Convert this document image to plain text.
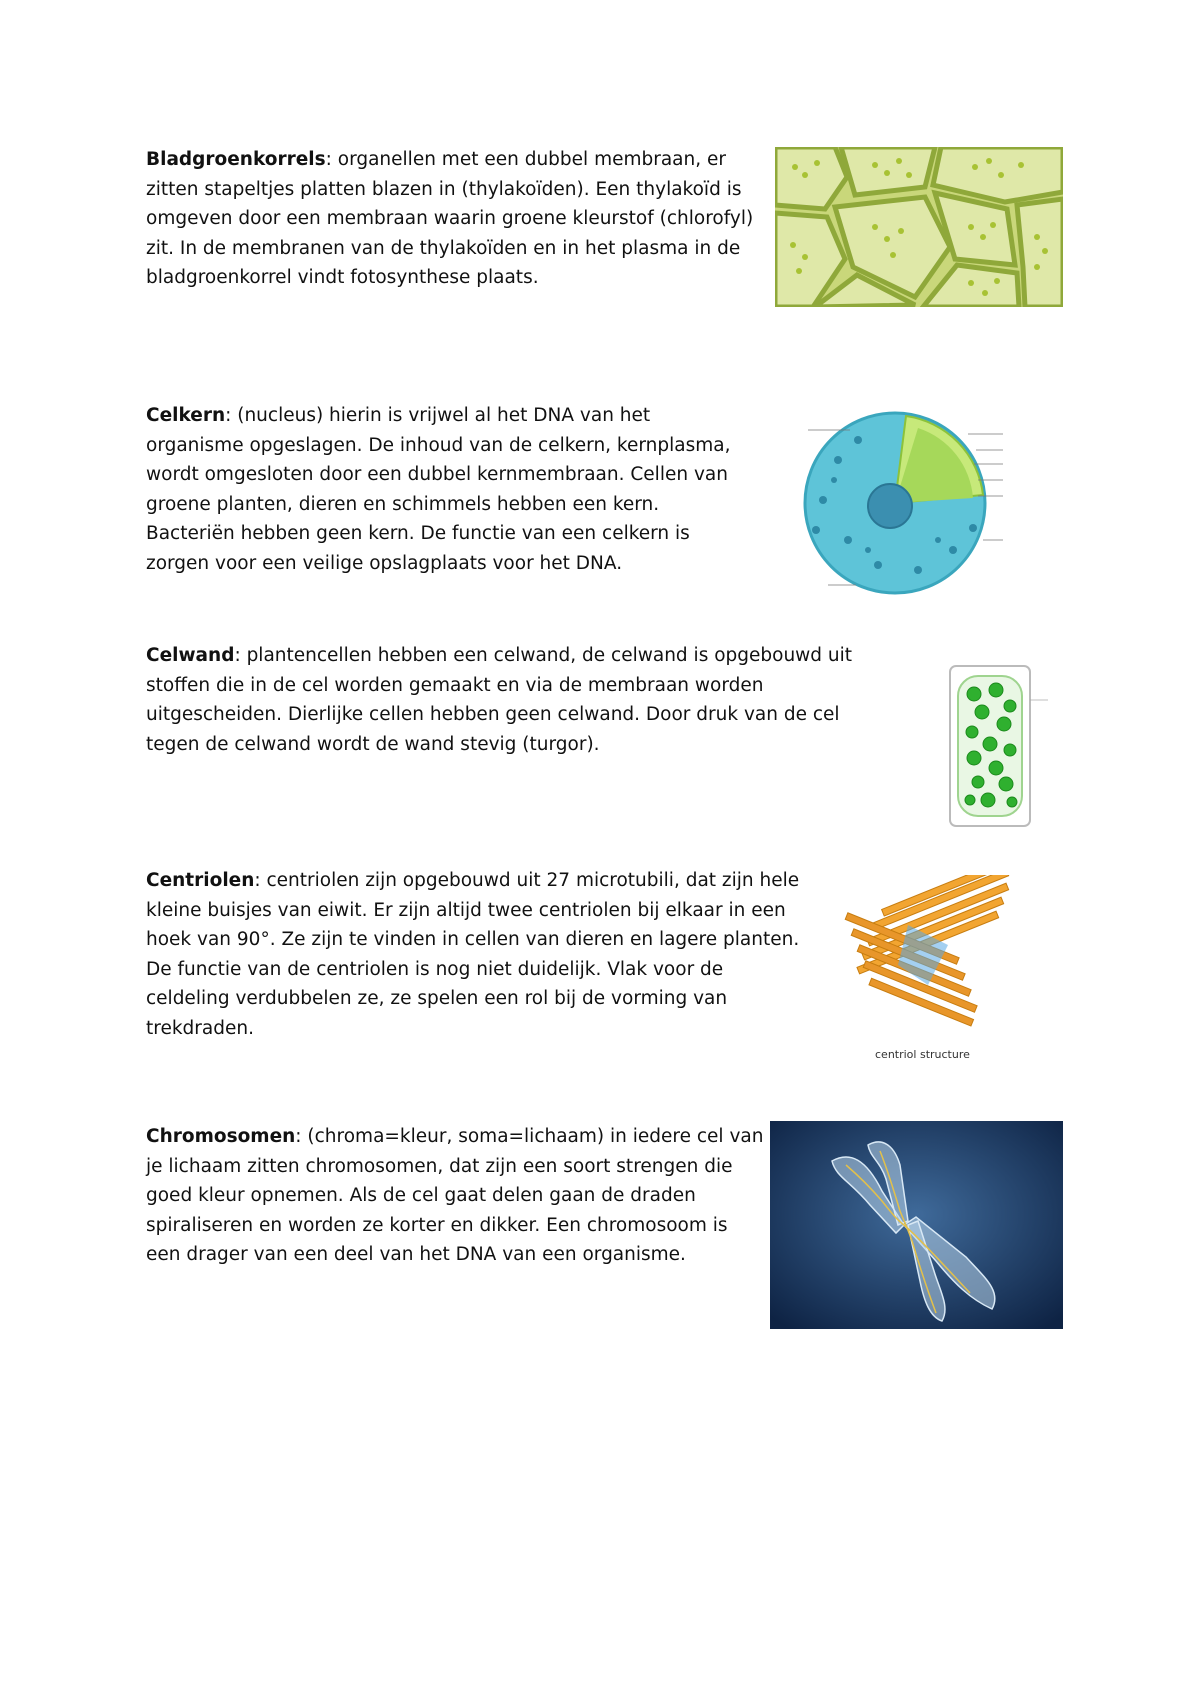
Bladgroenkorrels: organellen met een dubbel membraan, er zitten stapeltjes platten blazen in (thylakoïden). Een thylakoïd is omgeven door een membraan waarin groene kleurstof (chlorofyl) zit. In de membranen van de thylakoïden en in het plasma in de bladgroenkorrel vindt fotosynthese plaats.

Celkern: (nucleus) hierin is vrijwel al het DNA van het organisme opgeslagen. De inhoud van de celkern, kernplasma, wordt omgesloten door een dubbel kernmembraan. Cellen van groene planten, dieren en schimmels hebben een kern. Bacteriën hebben geen kern. De functie van een celkern is zorgen voor een veilige opslagplaats voor het DNA.

Celwand: plantencellen hebben een celwand, de celwand is opgebouwd uit stoffen die in de cel worden gemaakt en via de membraan worden uitgescheiden. Dierlijke cellen hebben geen celwand. Door druk van de cel tegen de celwand wordt de wand stevig (turgor).

Centriolen: centriolen zijn opgebouwd uit 27 microtubili, dat zijn hele kleine buisjes van eiwit. Er zijn altijd twee centriolen bij elkaar in een hoek van 90°. Ze zijn te vinden in cellen van dieren en lagere planten. De functie van de centriolen is nog niet duidelijk. Vlak voor de celdeling verdubbelen ze, ze spelen een rol bij de vorming van trekdraden.

centriol structure

Chromosomen: (chroma=kleur, soma=lichaam) in iedere cel van je lichaam zitten chromosomen, dat zijn een soort strengen die goed kleur opnemen. Als de cel gaat delen gaan de draden spiraliseren en worden ze korter en dikker. Een chromosoom is een drager van een deel van het DNA van een organisme.
